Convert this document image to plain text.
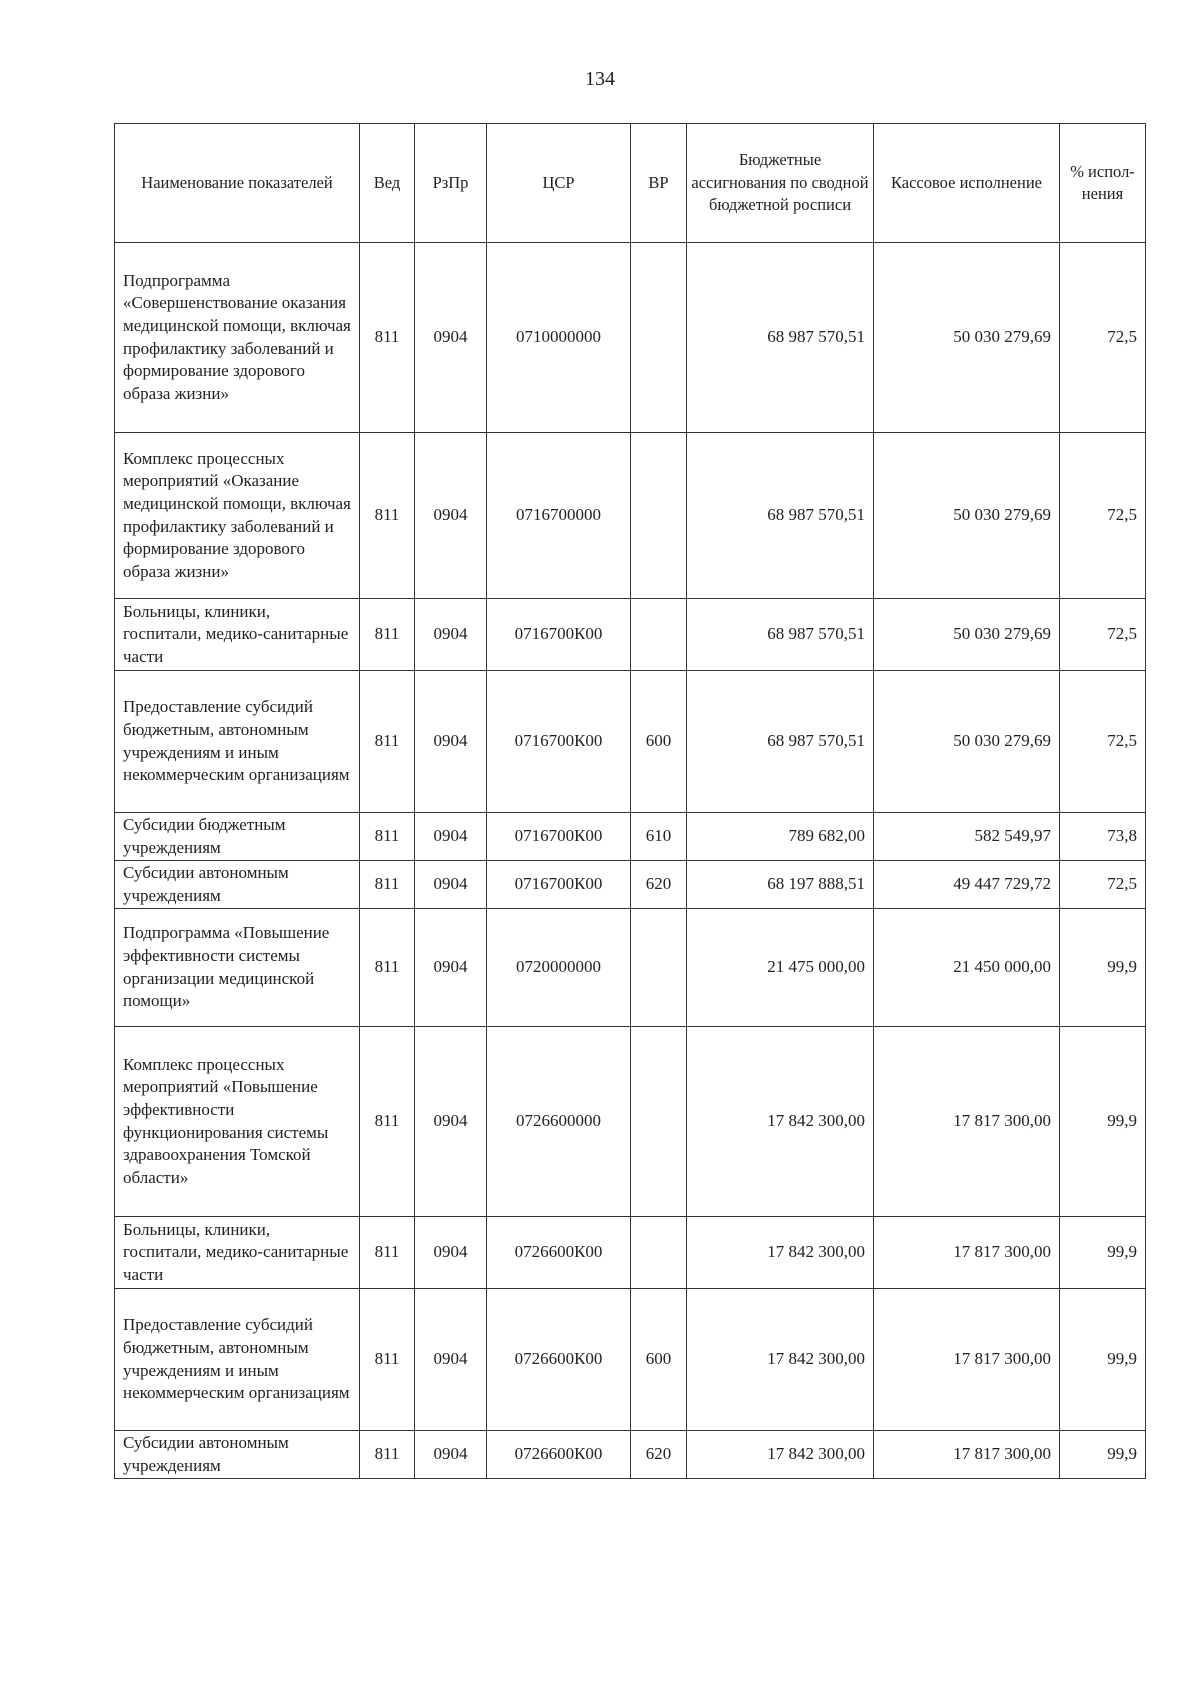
134
Наименование показателей	Вед	РзПр	ЦСР	ВР	Бюджетные ассигнования по сводной бюджетной росписи	Кассовое исполнение	% испол-нения
Подпрограмма «Совершенствование оказания медицинской помощи, включая профилактику заболеваний и формирование здорового образа жизни»	811	0904	0710000000		68 987 570,51	50 030 279,69	72,5
Комплекс процессных мероприятий «Оказание медицинской помощи, включая профилактику заболеваний и формирование здорового образа жизни»	811	0904	0716700000		68 987 570,51	50 030 279,69	72,5
Больницы, клиники, госпитали, медико-санитарные части	811	0904	0716700К00		68 987 570,51	50 030 279,69	72,5
Предоставление субсидий бюджетным, автономным учреждениям и иным некоммерческим организациям	811	0904	0716700К00	600	68 987 570,51	50 030 279,69	72,5
Субсидии бюджетным учреждениям	811	0904	0716700К00	610	789 682,00	582 549,97	73,8
Субсидии автономным учреждениям	811	0904	0716700К00	620	68 197 888,51	49 447 729,72	72,5
Подпрограмма «Повышение эффективности системы организации медицинской помощи»	811	0904	0720000000		21 475 000,00	21 450 000,00	99,9
Комплекс процессных мероприятий «Повышение эффективности функционирования системы здравоохранения Томской области»	811	0904	0726600000		17 842 300,00	17 817 300,00	99,9
Больницы, клиники, госпитали, медико-санитарные части	811	0904	0726600К00		17 842 300,00	17 817 300,00	99,9
Предоставление субсидий бюджетным, автономным учреждениям и иным некоммерческим организациям	811	0904	0726600К00	600	17 842 300,00	17 817 300,00	99,9
Субсидии автономным учреждениям	811	0904	0726600К00	620	17 842 300,00	17 817 300,00	99,9
